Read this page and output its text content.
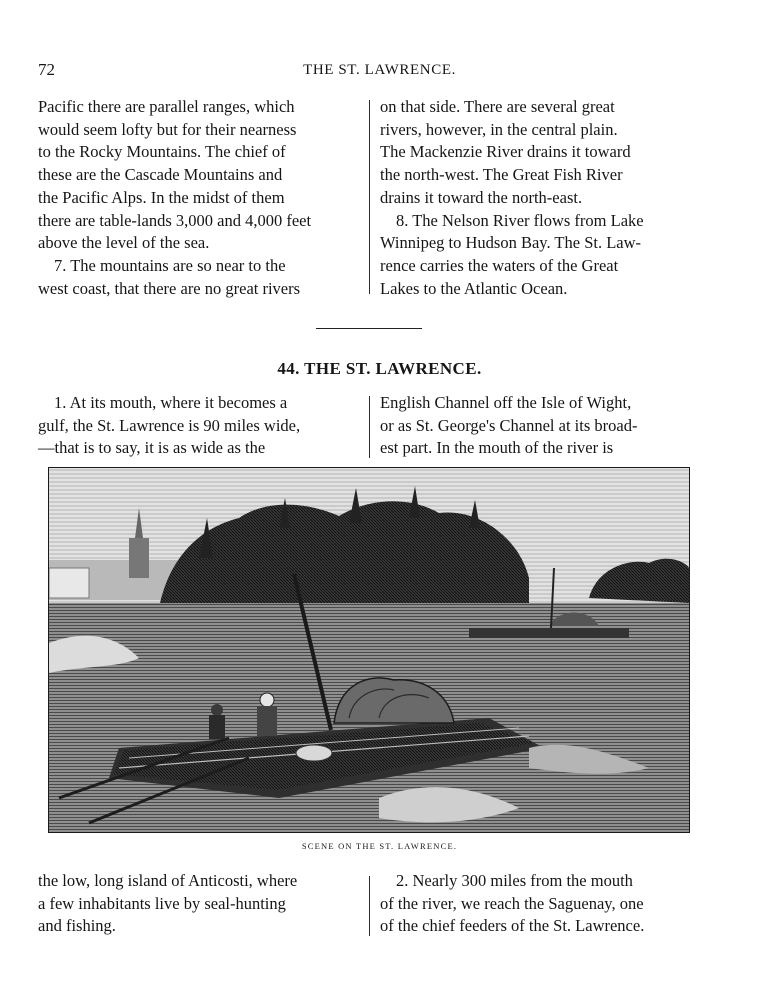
72	THE ST. LAWRENCE.

Pacific there are parallel ranges, which

would seem lofty but for their nearness

to the Rocky Mountains. The chief of

these are the Cascade Mountains and

the Pacific Alps. In the midst of them

there are table-lands 3,000 and 4,000 feet

above the level of the sea.

7. The mountains are so near to the

west coast, that there are no great rivers

on that side. There are several great

rivers, however, in the central plain.

The Mackenzie River drains it toward

the north-west. The Great Fish River

drains it toward the north-east.

8. The Nelson River flows from Lake

Winnipeg to Hudson Bay. The St. Law-

rence carries the waters of the Great

Lakes to the Atlantic Ocean.

44. THE ST. LAWRENCE.

1. At its mouth, where it becomes a

gulf, the St. Lawrence is 90 miles wide,

—that is to say, it is as wide as the

English Channel off the Isle of Wight,

or as St. George's Channel at its broad-

est part. In the mouth of the river is

SCENE ON THE ST. LAWRENCE.

the low, long island of Anticosti, where

a few inhabitants live by seal-hunting

and fishing.

2. Nearly 300 miles from the mouth

of the river, we reach the Saguenay, one

of the chief feeders of the St. Lawrence.
